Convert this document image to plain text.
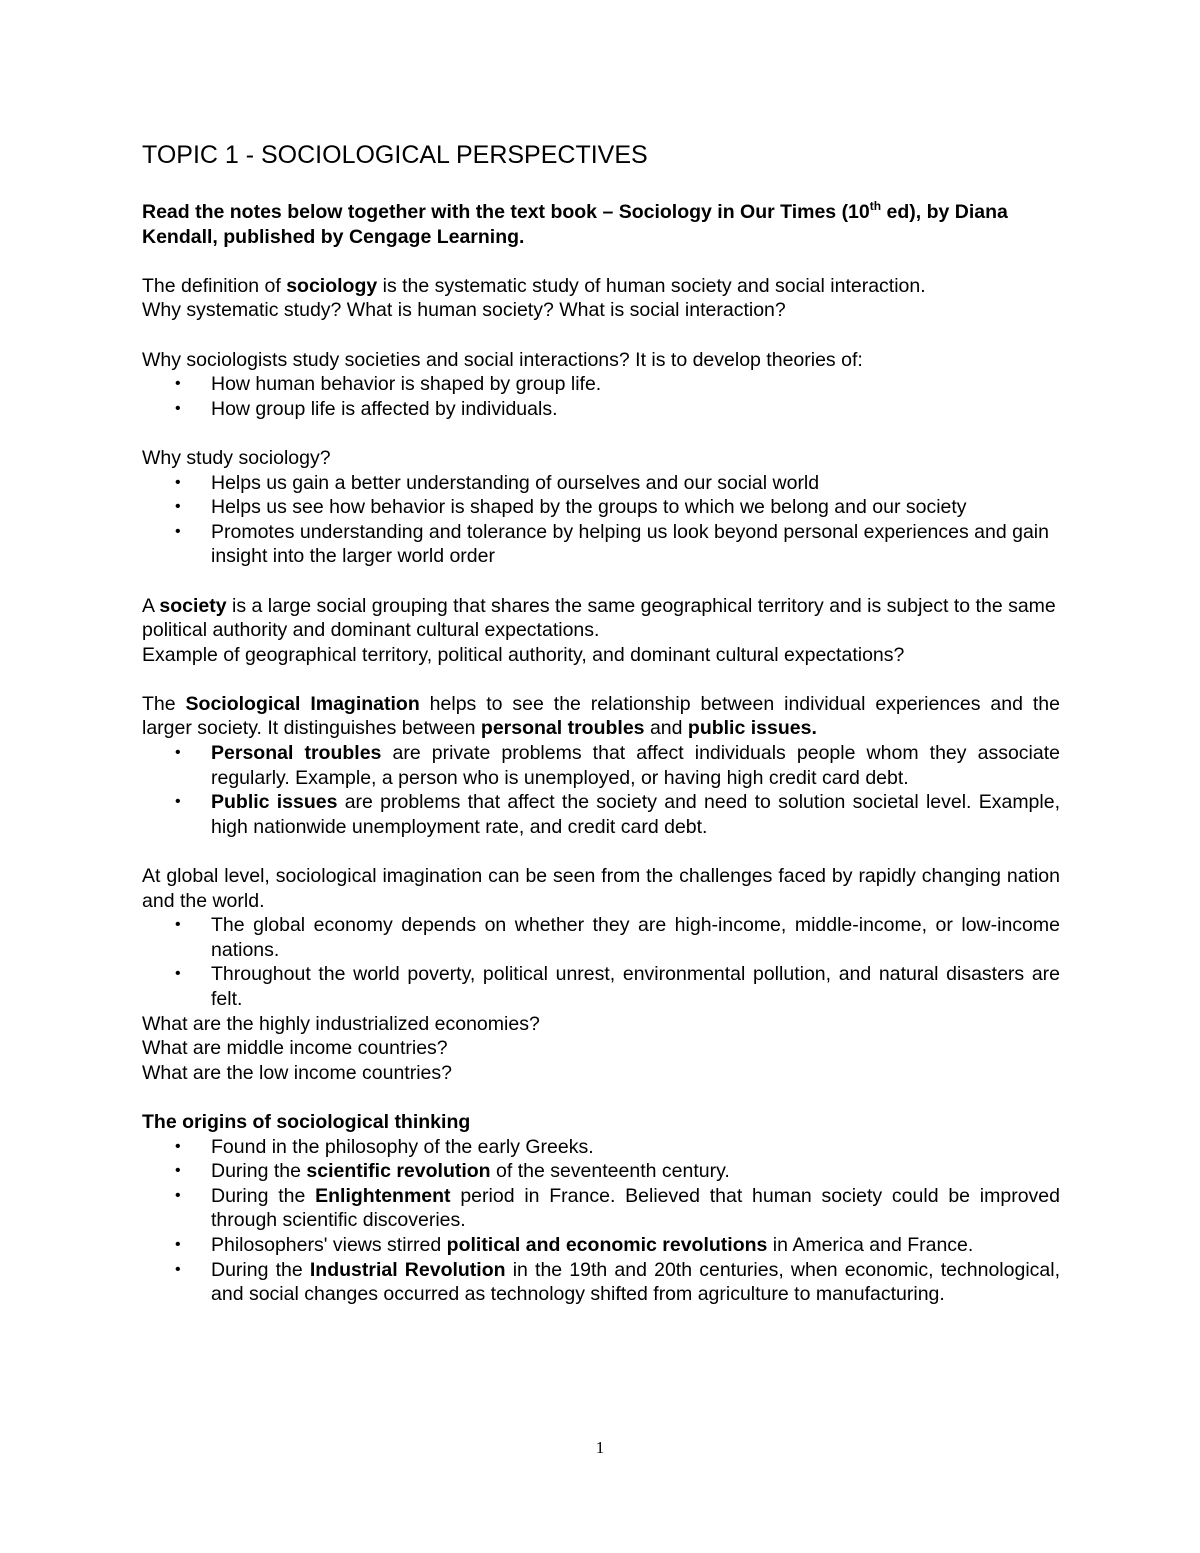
TOPIC 1 - SOCIOLOGICAL PERSPECTIVES

Read the notes below together with the text book – Sociology in Our Times (10th ed), by Diana Kendall, published by Cengage Learning.

The definition of sociology is the systematic study of human society and social interaction.

Why systematic study? What is human society? What is social interaction?

Why sociologists study societies and social interactions? It is to develop theories of:

• How human behavior is shaped by group life.
• How group life is affected by individuals.

Why study sociology?

• Helps us gain a better understanding of ourselves and our social world
• Helps us see how behavior is shaped by the groups to which we belong and our society
• Promotes understanding and tolerance by helping us look beyond personal experiences and gain insight into the larger world order

A society is a large social grouping that shares the same geographical territory and is subject to the same political authority and dominant cultural expectations.

Example of geographical territory, political authority, and dominant cultural expectations?

The Sociological Imagination helps to see the relationship between individual experiences and the larger society. It distinguishes between personal troubles and public issues.

• Personal troubles are private problems that affect individuals people whom they associate regularly. Example, a person who is unemployed, or having high credit card debt.
• Public issues are problems that affect the society and need to solution societal level. Example, high nationwide unemployment rate, and credit card debt.

At global level, sociological imagination can be seen from the challenges faced by rapidly changing nation and the world.

• The global economy depends on whether they are high-income, middle-income, or low-income nations.
• Throughout the world poverty, political unrest, environmental pollution, and natural disasters are felt.

What are the highly industrialized economies?

What are middle income countries?

What are the low income countries?

The origins of sociological thinking

• Found in the philosophy of the early Greeks.
• During the scientific revolution of the seventeenth century.
• During the Enlightenment period in France. Believed that human society could be improved through scientific discoveries.
• Philosophers' views stirred political and economic revolutions in America and France.
• During the Industrial Revolution in the 19th and 20th centuries, when economic, technological, and social changes occurred as technology shifted from agriculture to manufacturing.
1
